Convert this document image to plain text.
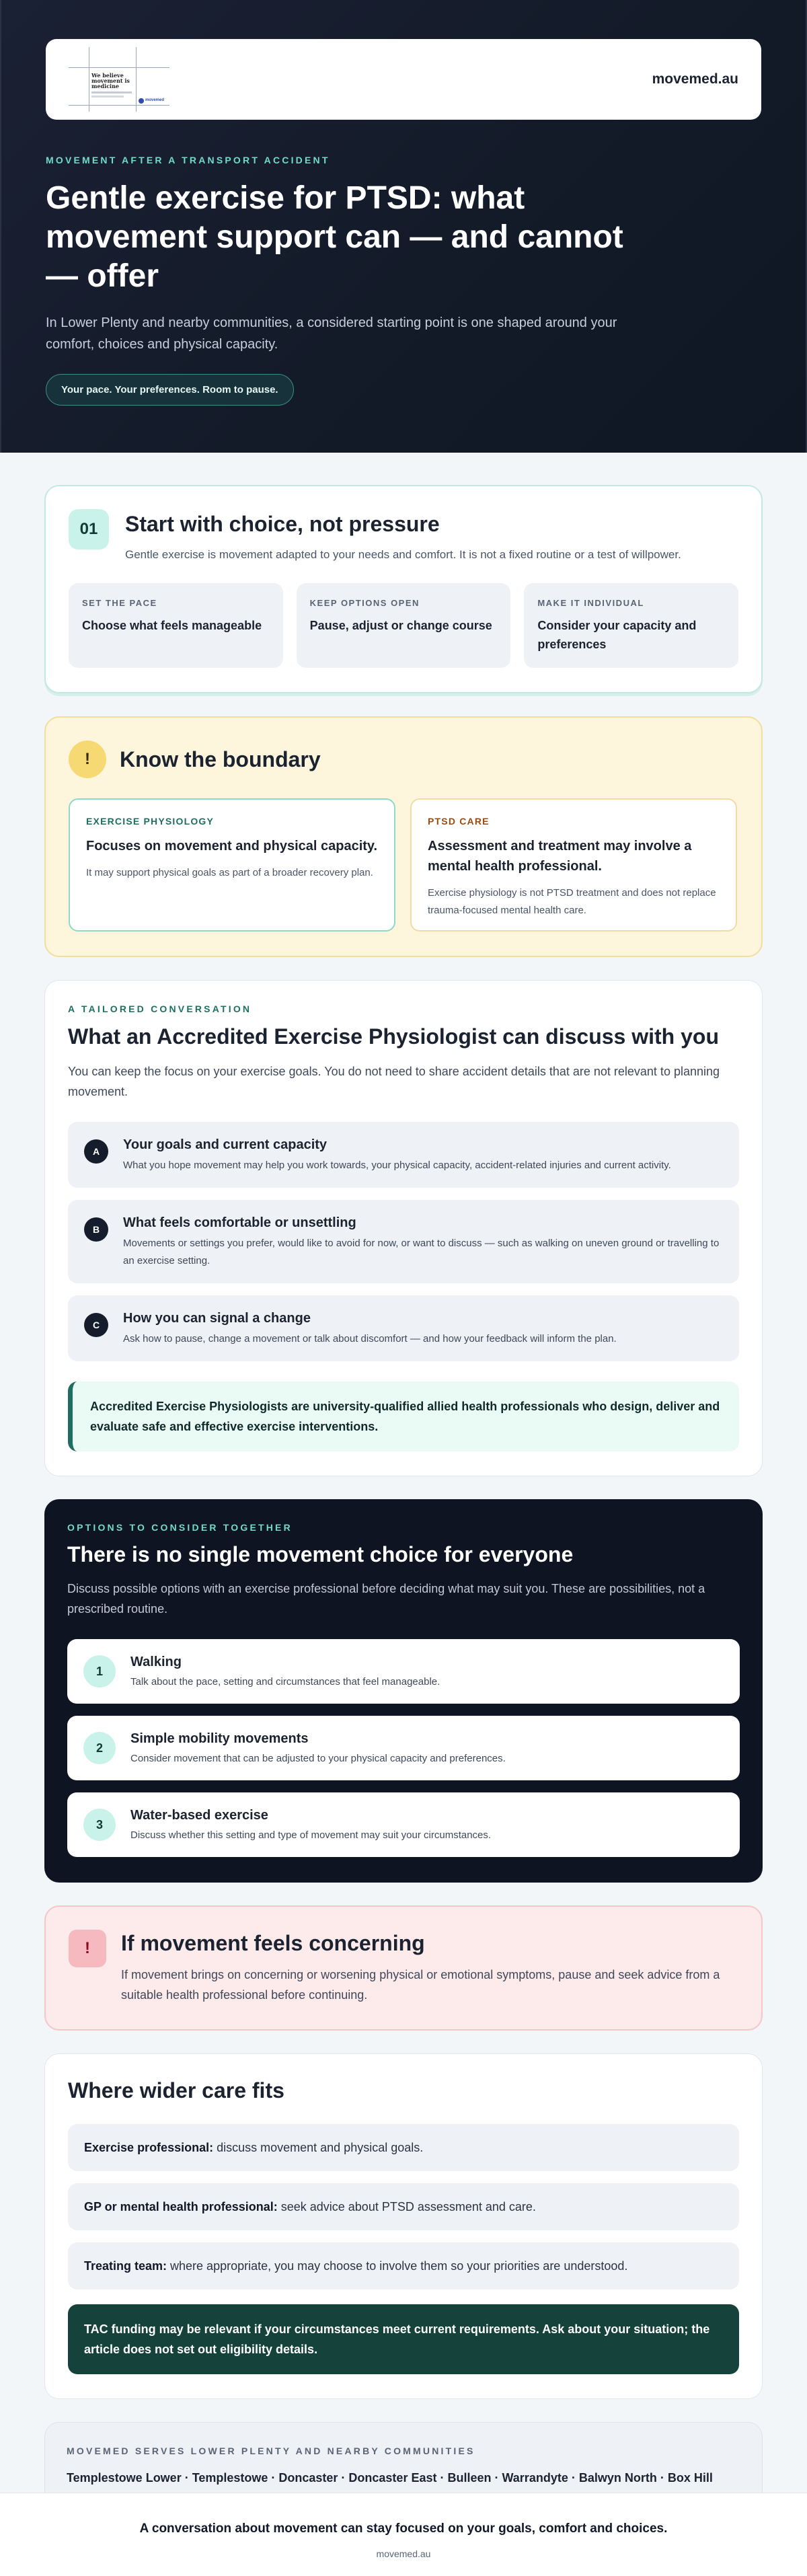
We believe movement is medicine
movemed
movemed.au
MOVEMENT AFTER A TRANSPORT ACCIDENT
Gentle exercise for PTSD: what movement support can — and cannot — offer

In Lower Plenty and nearby communities, a considered starting point is one shaped around your comfort, choices and physical capacity.

Your pace. Your preferences. Room to pause.
01	Start with choice, not pressure

Gentle exercise is movement adapted to your needs and comfort. It is not a fixed routine or a test of willpower.

SET THE PACE
Choose what feels manageable
KEEP OPTIONS OPEN
Pause, adjust or change course
MAKE IT INDIVIDUAL
Consider your capacity and preferences
!	Know the boundary
EXERCISE PHYSIOLOGY
Focuses on movement and physical capacity.

It may support physical goals as part of a broader recovery plan.

PTSD CARE
Assessment and treatment may involve a mental health professional.

Exercise physiology is not PTSD treatment and does not replace trauma-focused mental health care.

A TAILORED CONVERSATION
What an Accredited Exercise Physiologist can discuss with you

You can keep the focus on your exercise goals. You do not need to share accident details that are not relevant to planning movement.

A	Your goals and current capacity

What you hope movement may help you work towards, your physical capacity, accident-related injuries and current activity.

B	What feels comfortable or unsettling

Movements or settings you prefer, would like to avoid for now, or want to discuss — such as walking on uneven ground or travelling to an exercise setting.

C	How you can signal a change

Ask how to pause, change a movement or talk about discomfort — and how your feedback will inform the plan.

Accredited Exercise Physiologists are university-qualified allied health professionals who design, deliver and evaluate safe and effective exercise interventions.
OPTIONS TO CONSIDER TOGETHER
There is no single movement choice for everyone

Discuss possible options with an exercise professional before deciding what may suit you. These are possibilities, not a prescribed routine.

1
Walking

Talk about the pace, setting and circumstances that feel manageable.

2
Simple mobility movements

Consider movement that can be adjusted to your physical capacity and preferences.

3
Water-based exercise

Discuss whether this setting and type of movement may suit your circumstances.

!	If movement feels concerning

If movement brings on concerning or worsening physical or emotional symptoms, pause and seek advice from a suitable health professional before continuing.

Where wider care fits
Exercise professional: discuss movement and physical goals.
GP or mental health professional: seek advice about PTSD assessment and care.
Treating team: where appropriate, you may choose to involve them so your priorities are understood.
TAC funding may be relevant if your circumstances meet current requirements. Ask about your situation; the article does not set out eligibility details.
MOVEMED SERVES LOWER PLENTY AND NEARBY COMMUNITIES
Templestowe Lower · Templestowe · Doncaster · Doncaster East · Bulleen · Warrandyte · Balwyn North · Box Hill
A conversation about movement can stay focused on your goals, comfort and choices.
movemed.au
